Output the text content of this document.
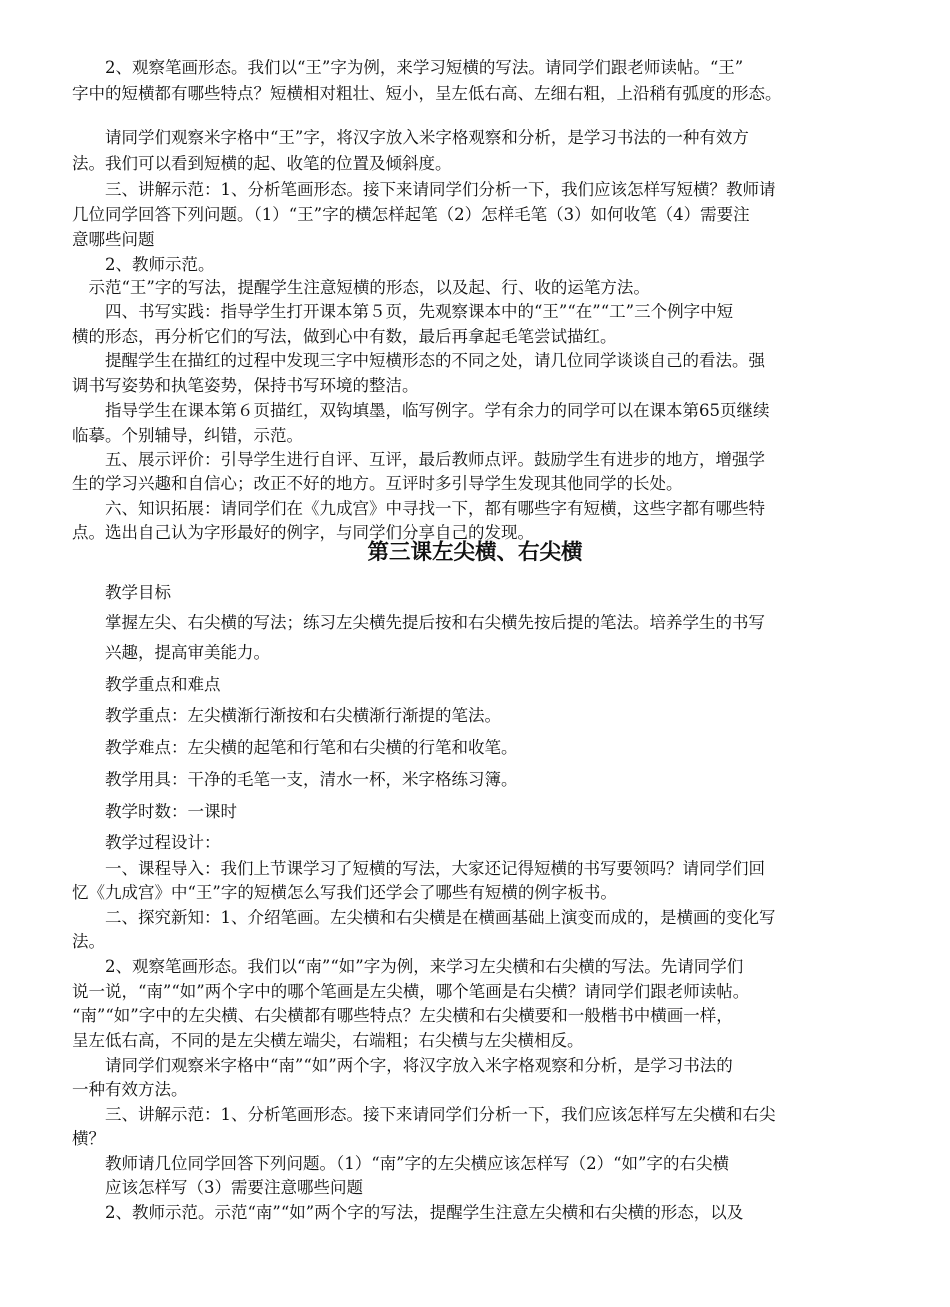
　　2、观察笔画形态。我们以“王”字为例，来学习短横的写法。请同学们跟老师读帖。“王”

字中的短横都有哪些特点？短横相对粗壮、短小，呈左低右高、左细右粗，上沿稍有弧度的形态。

　　请同学们观察米字格中“王”字，将汉字放入米字格观察和分析，是学习书法的一种有效方

法。我们可以看到短横的起、收笔的位置及倾斜度。

　　三、讲解示范：1、分析笔画形态。接下来请同学们分析一下，我们应该怎样写短横？教师请

几位同学回答下列问题。（1）“王”字的横怎样起笔（2）怎样毛笔（3）如何收笔（4）需要注

意哪些问题

　　2、教师示范。

　示范“王”字的写法，提醒学生注意短横的形态，以及起、行、收的运笔方法。

　　四、书写实践：指导学生打开课本第５页，先观察课本中的“王”“在”“工”三个例字中短

横的形态，再分析它们的写法，做到心中有数，最后再拿起毛笔尝试描红。

　　提醒学生在描红的过程中发现三字中短横形态的不同之处，请几位同学谈谈自己的看法。强

调书写姿势和执笔姿势，保持书写环境的整洁。

　　指导学生在课本第６页描红，双钩填墨，临写例字。学有余力的同学可以在课本第65页继续

临摹。个别辅导，纠错，示范。

　　五、展示评价：引导学生进行自评、互评，最后教师点评。鼓励学生有进步的地方，增强学

生的学习兴趣和自信心；改正不好的地方。互评时多引导学生发现其他同学的长处。

　　六、知识拓展：请同学们在《九成宫》中寻找一下，都有哪些字有短横，这些字都有哪些特

点。选出自己认为字形最好的例字，与同学们分享自己的发现。

第三课左尖横、右尖横

　　教学目标

　　掌握左尖、右尖横的写法；练习左尖横先提后按和右尖横先按后提的笔法。培养学生的书写

　　兴趣，提高审美能力。

　　教学重点和难点

　　教学重点：左尖横渐行渐按和右尖横渐行渐提的笔法。

　　教学难点：左尖横的起笔和行笔和右尖横的行笔和收笔。

　　教学用具：干净的毛笔一支，清水一杯，米字格练习簿。

　　教学时数：一课时

　　教学过程设计：

　　一、课程导入：我们上节课学习了短横的写法，大家还记得短横的书写要领吗？请同学们回

忆《九成宫》中“王”字的短横怎么写我们还学会了哪些有短横的例字板书。

　　二、探究新知：1、介绍笔画。左尖横和右尖横是在横画基础上演变而成的，是横画的变化写

法。

　　2、观察笔画形态。我们以“南”“如”字为例，来学习左尖横和右尖横的写法。先请同学们

说一说，“南”“如”两个字中的哪个笔画是左尖横，哪个笔画是右尖横？请同学们跟老师读帖。

“南”“如”字中的左尖横、右尖横都有哪些特点？左尖横和右尖横要和一般楷书中横画一样，

呈左低右高，不同的是左尖横左端尖，右端粗；右尖横与左尖横相反。

　　请同学们观察米字格中“南”“如”两个字，将汉字放入米字格观察和分析，是学习书法的

一种有效方法。

　　三、讲解示范：1、分析笔画形态。接下来请同学们分析一下，我们应该怎样写左尖横和右尖

横？

　　教师请几位同学回答下列问题。（1）“南”字的左尖横应该怎样写（2）“如”字的右尖横

　　应该怎样写（3）需要注意哪些问题

　　2、教师示范。示范“南”“如”两个字的写法，提醒学生注意左尖横和右尖横的形态，以及
